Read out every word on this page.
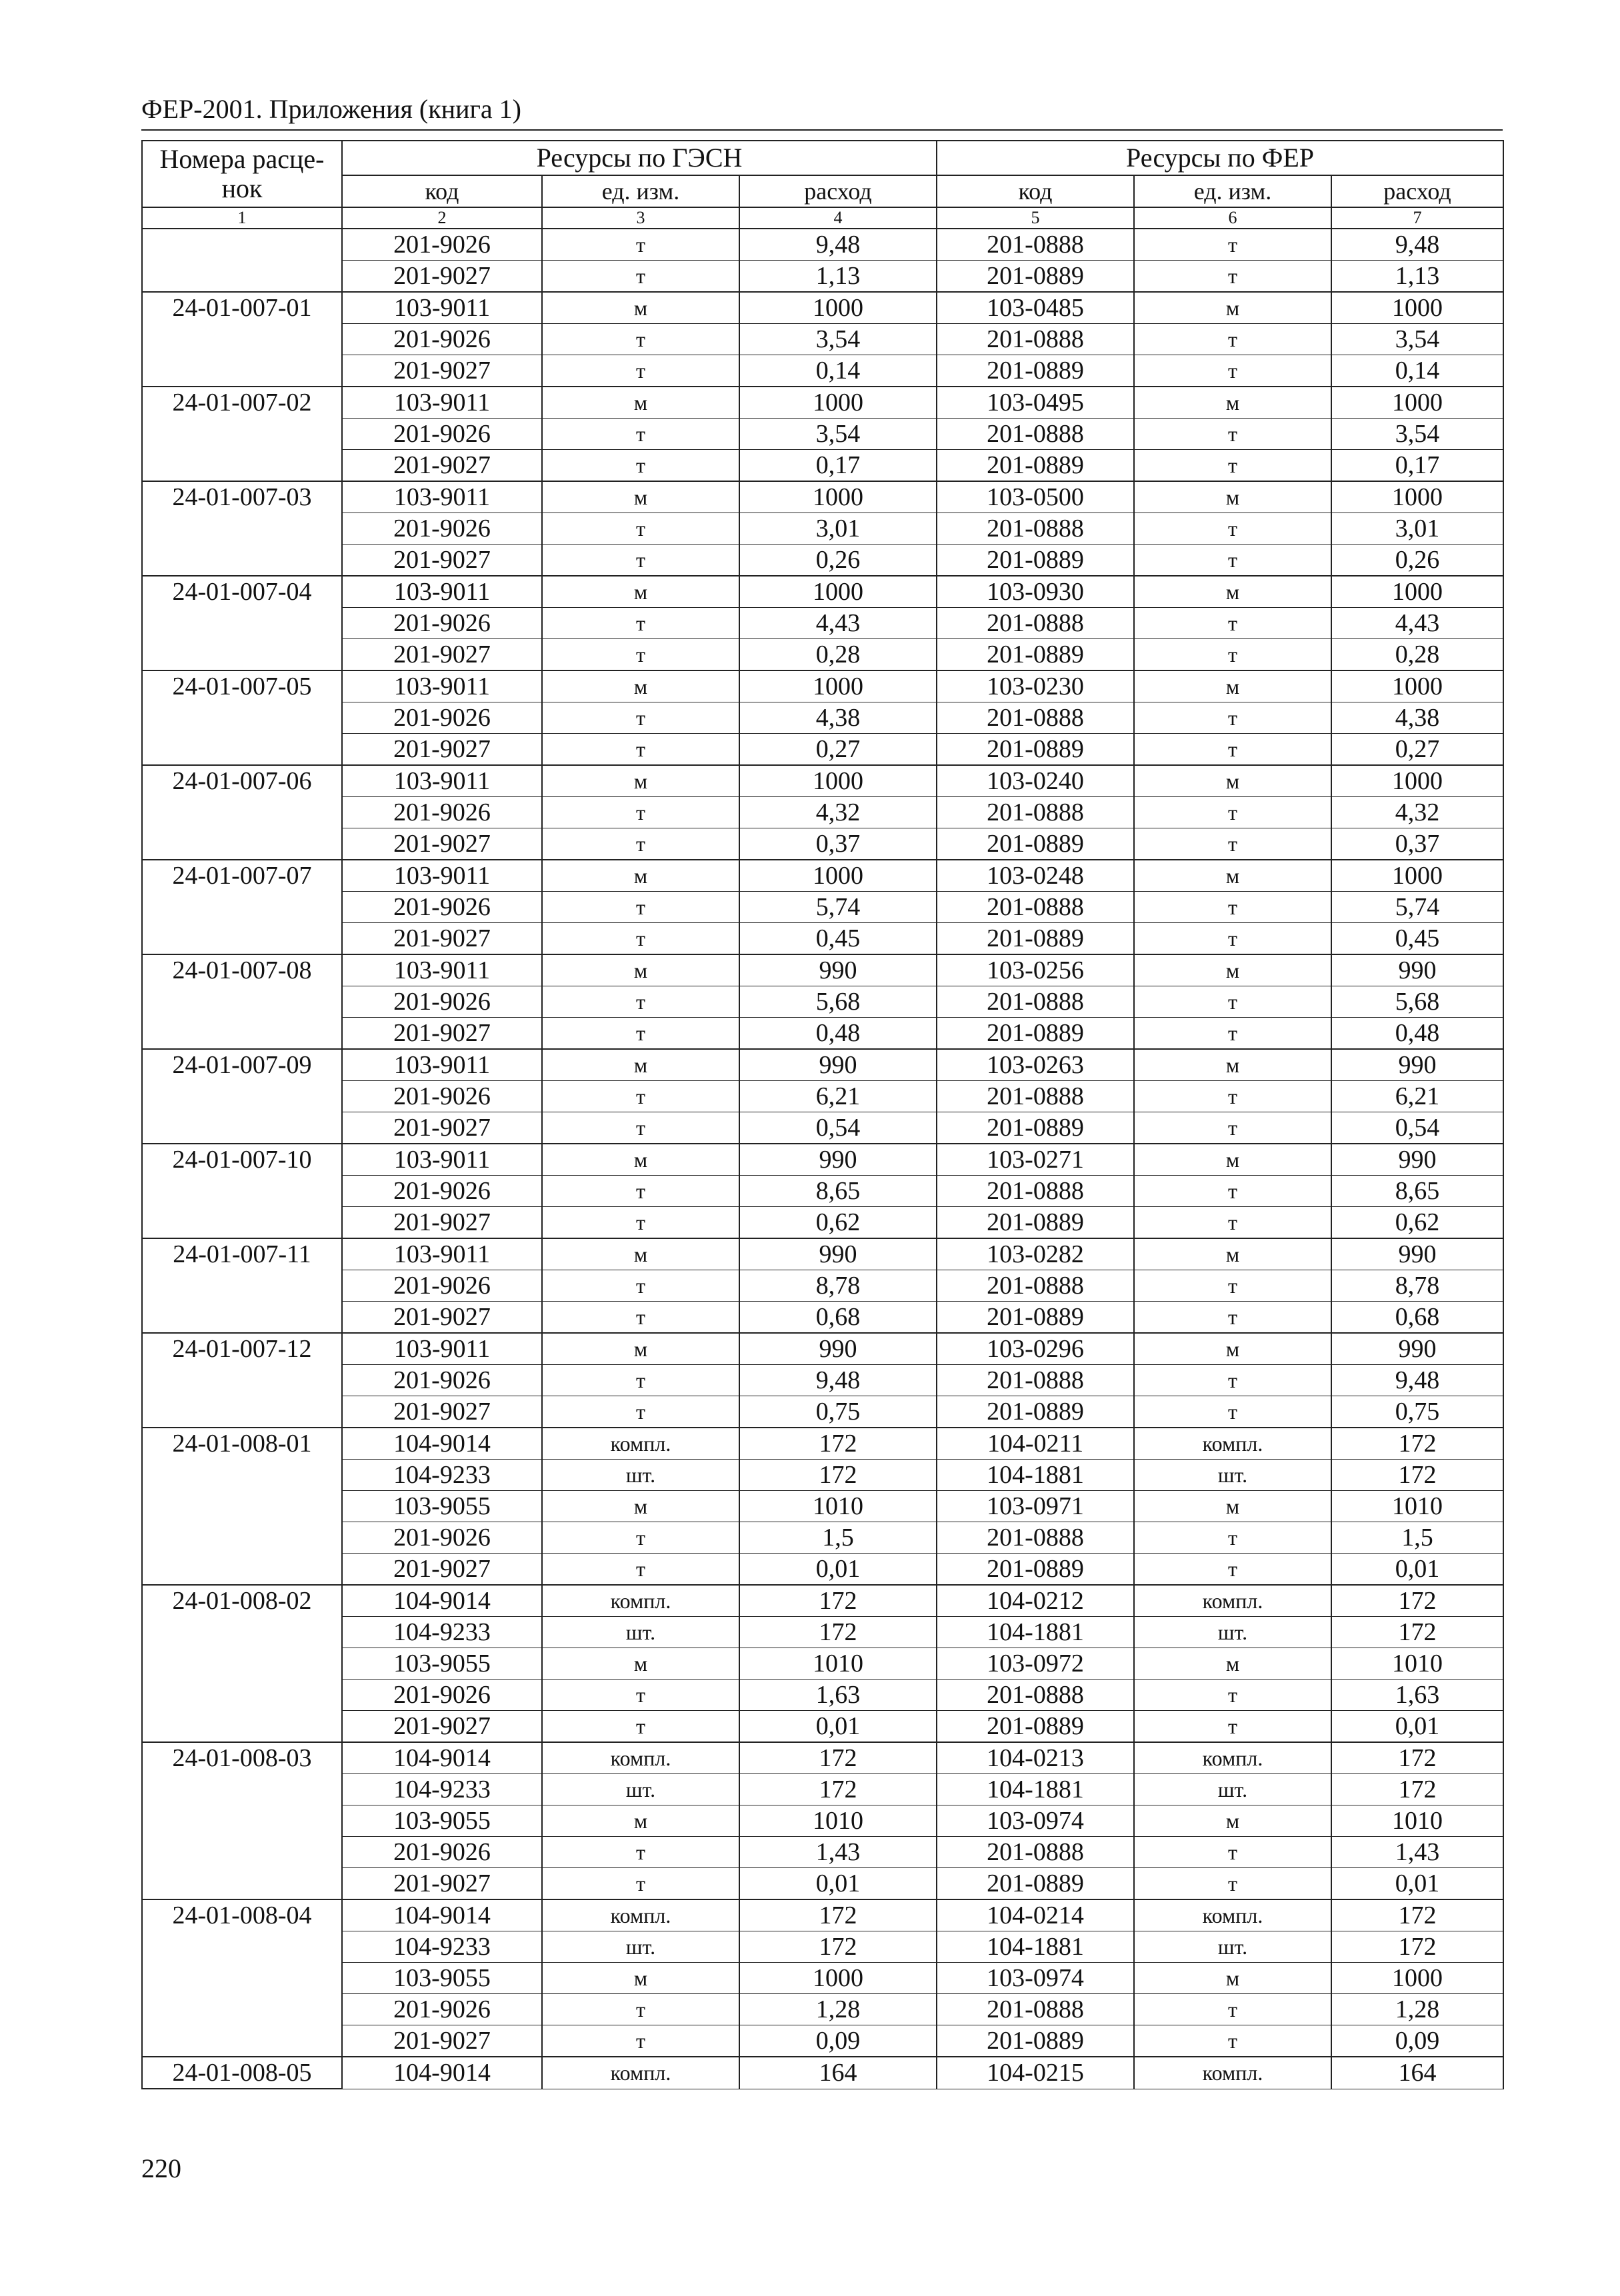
ФЕР-2001. Приложения (книга 1)
Номера расце-нок	Ресурсы по ГЭСН			Ресурсы по ФЕР		
	код	ед. изм.	расход	код	ед. изм.	расход
1	2	3	4	5	6	7
	201-9026	т	9,48	201-0888	т	9,48
	201-9027	т	1,13	201-0889	т	1,13
24-01-007-01	103-9011	м	1000	103-0485	м	1000
	201-9026	т	3,54	201-0888	т	3,54
	201-9027	т	0,14	201-0889	т	0,14
24-01-007-02	103-9011	м	1000	103-0495	м	1000
	201-9026	т	3,54	201-0888	т	3,54
	201-9027	т	0,17	201-0889	т	0,17
24-01-007-03	103-9011	м	1000	103-0500	м	1000
	201-9026	т	3,01	201-0888	т	3,01
	201-9027	т	0,26	201-0889	т	0,26
24-01-007-04	103-9011	м	1000	103-0930	м	1000
	201-9026	т	4,43	201-0888	т	4,43
	201-9027	т	0,28	201-0889	т	0,28
24-01-007-05	103-9011	м	1000	103-0230	м	1000
	201-9026	т	4,38	201-0888	т	4,38
	201-9027	т	0,27	201-0889	т	0,27
24-01-007-06	103-9011	м	1000	103-0240	м	1000
	201-9026	т	4,32	201-0888	т	4,32
	201-9027	т	0,37	201-0889	т	0,37
24-01-007-07	103-9011	м	1000	103-0248	м	1000
	201-9026	т	5,74	201-0888	т	5,74
	201-9027	т	0,45	201-0889	т	0,45
24-01-007-08	103-9011	м	990	103-0256	м	990
	201-9026	т	5,68	201-0888	т	5,68
	201-9027	т	0,48	201-0889	т	0,48
24-01-007-09	103-9011	м	990	103-0263	м	990
	201-9026	т	6,21	201-0888	т	6,21
	201-9027	т	0,54	201-0889	т	0,54
24-01-007-10	103-9011	м	990	103-0271	м	990
	201-9026	т	8,65	201-0888	т	8,65
	201-9027	т	0,62	201-0889	т	0,62
24-01-007-11	103-9011	м	990	103-0282	м	990
	201-9026	т	8,78	201-0888	т	8,78
	201-9027	т	0,68	201-0889	т	0,68
24-01-007-12	103-9011	м	990	103-0296	м	990
	201-9026	т	9,48	201-0888	т	9,48
	201-9027	т	0,75	201-0889	т	0,75
24-01-008-01	104-9014	компл.	172	104-0211	компл.	172
	104-9233	шт.	172	104-1881	шт.	172
	103-9055	м	1010	103-0971	м	1010
	201-9026	т	1,5	201-0888	т	1,5
	201-9027	т	0,01	201-0889	т	0,01
24-01-008-02	104-9014	компл.	172	104-0212	компл.	172
	104-9233	шт.	172	104-1881	шт.	172
	103-9055	м	1010	103-0972	м	1010
	201-9026	т	1,63	201-0888	т	1,63
	201-9027	т	0,01	201-0889	т	0,01
24-01-008-03	104-9014	компл.	172	104-0213	компл.	172
	104-9233	шт.	172	104-1881	шт.	172
	103-9055	м	1010	103-0974	м	1010
	201-9026	т	1,43	201-0888	т	1,43
	201-9027	т	0,01	201-0889	т	0,01
24-01-008-04	104-9014	компл.	172	104-0214	компл.	172
	104-9233	шт.	172	104-1881	шт.	172
	103-9055	м	1000	103-0974	м	1000
	201-9026	т	1,28	201-0888	т	1,28
	201-9027	т	0,09	201-0889	т	0,09
24-01-008-05	104-9014	компл.	164	104-0215	компл.	164
220
